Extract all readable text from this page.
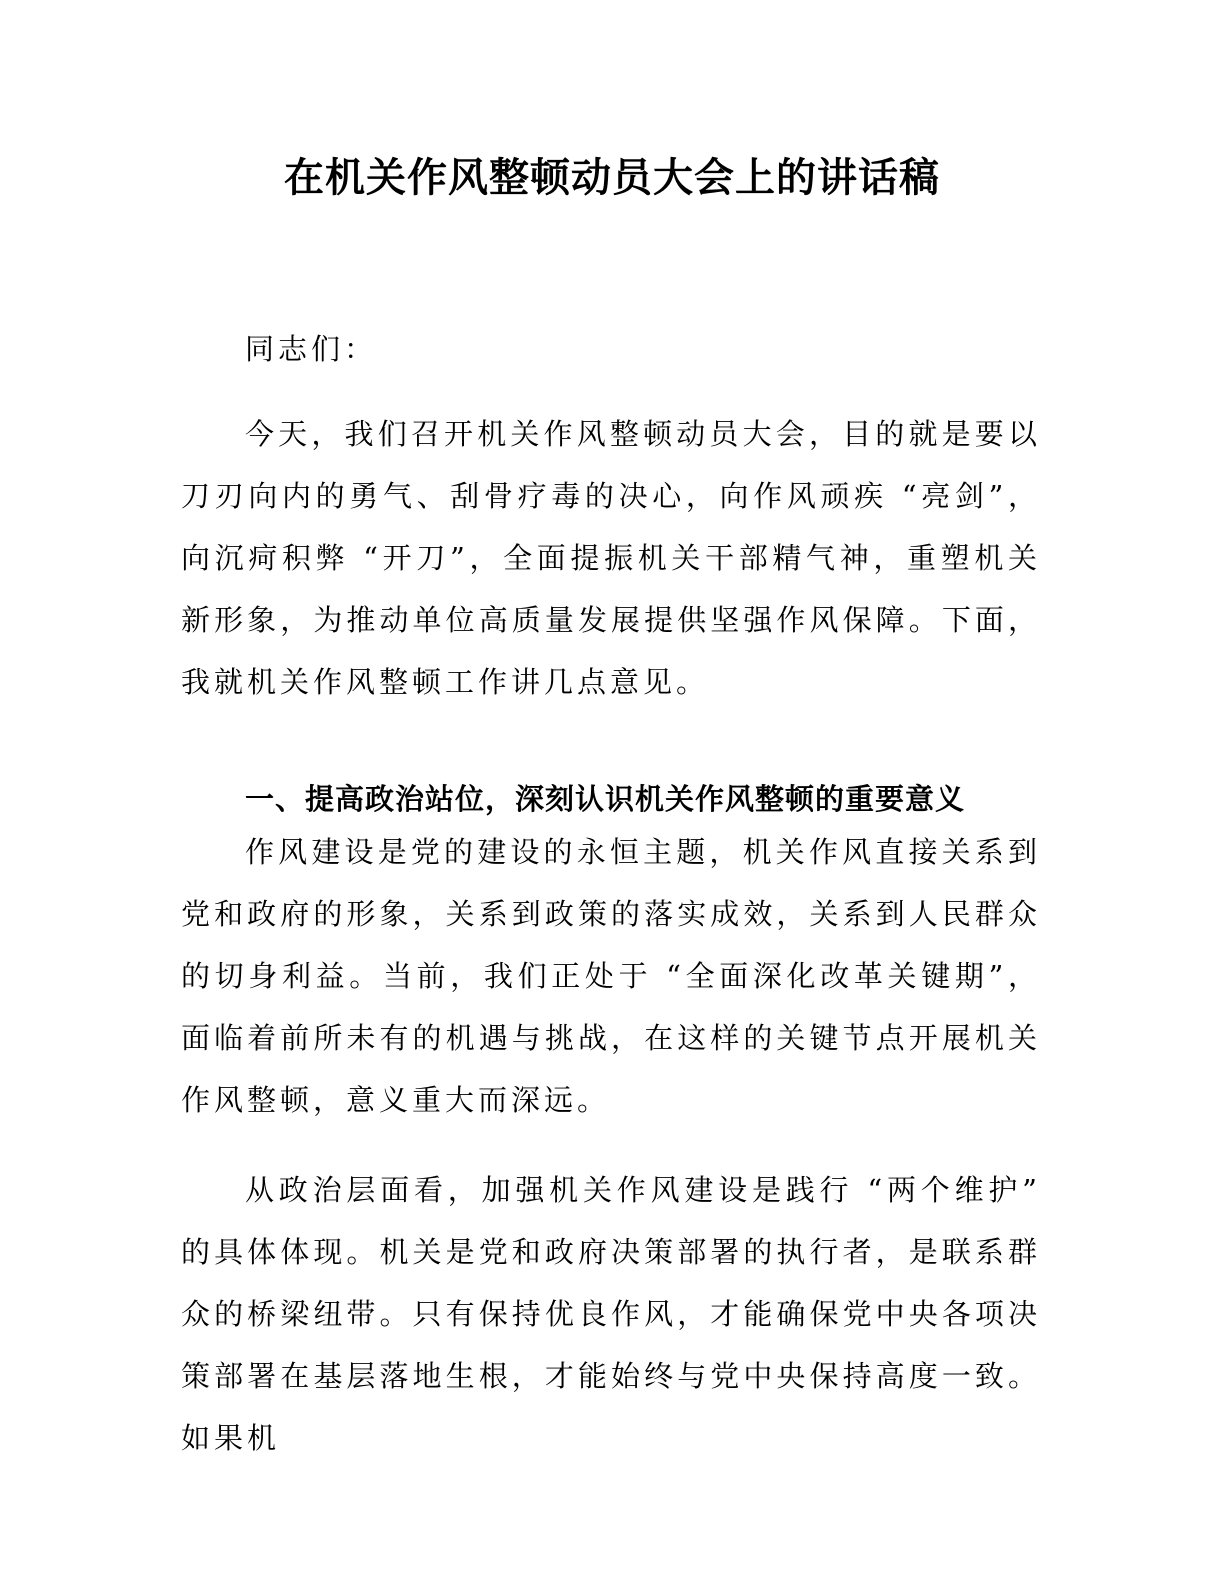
在机关作风整顿动员大会上的讲话稿

同志们：

今天，我们召开机关作风整顿动员大会，目的就是要以刀刃向内的勇气、刮骨疗毒的决心，向作风顽疾 “亮剑”，向沉疴积弊 “开刀”，全面提振机关干部精气神，重塑机关新形象，为推动单位高质量发展提供坚强作风保障。下面，我就机关作风整顿工作讲几点意见。

一、提高政治站位，深刻认识机关作风整顿的重要意义

作风建设是党的建设的永恒主题，机关作风直接关系到党和政府的形象，关系到政策的落实成效，关系到人民群众的切身利益。当前，我们正处于 “全面深化改革关键期”，面临着前所未有的机遇与挑战，在这样的关键节点开展机关作风整顿，意义重大而深远。

从政治层面看，加强机关作风建设是践行 “两个维护” 的具体体现。机关是党和政府决策部署的执行者，是联系群众的桥梁纽带。只有保持优良作风，才能确保党中央各项决策部署在基层落地生根，才能始终与党中央保持高度一致。如果机
